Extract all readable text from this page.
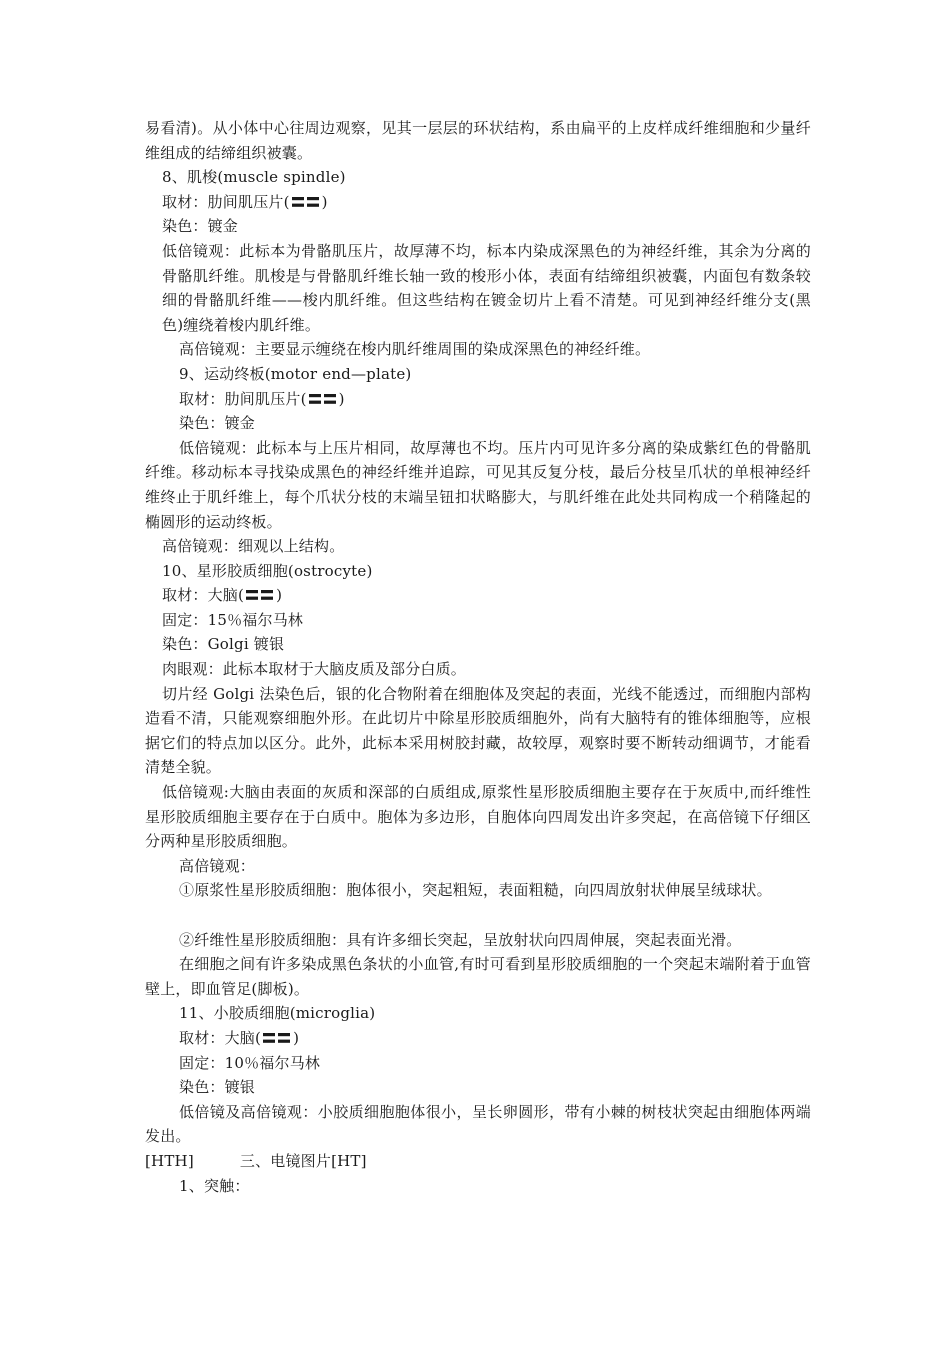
易看清)。从小体中心往周边观察，见其一层层的环状结构，系由扁平的上皮样成纤维细胞和少量纤维组成的结缔组织被囊。

8、肌梭(muscle spindle)

取材：肋间肌压片( )

染色：镀金

低倍镜观：此标本为骨骼肌压片，故厚薄不均，标本内染成深黑色的为神经纤维，其余为分离的骨骼肌纤维。肌梭是与骨骼肌纤维长轴一致的梭形小体，表面有结缔组织被囊，内面包有数条较细的骨骼肌纤维——梭内肌纤维。但这些结构在镀金切片上看不清楚。可见到神经纤维分支(黑色)缠绕着梭内肌纤维。

高倍镜观：主要显示缠绕在梭内肌纤维周围的染成深黑色的神经纤维。

9、运动终板(motor end—plate)

取材：肋间肌压片( )

染色：镀金

低倍镜观：此标本与上压片相同，故厚薄也不均。压片内可见许多分离的染成紫红色的骨骼肌纤维。移动标本寻找染成黑色的神经纤维并追踪，可见其反复分枝，最后分枝呈爪状的单根神经纤维终止于肌纤维上，每个爪状分枝的末端呈钮扣状略膨大，与肌纤维在此处共同构成一个稍隆起的椭圆形的运动终板。

高倍镜观：细观以上结构。

10、星形胶质细胞(ostrocyte)

取材：大脑( )

固定：15％福尔马林

染色：Golgi 镀银

肉眼观：此标本取材于大脑皮质及部分白质。

切片经 Golgi 法染色后，银的化合物附着在细胞体及突起的表面，光线不能透过，而细胞内部构造看不清，只能观察细胞外形。在此切片中除星形胶质细胞外，尚有大脑特有的锥体细胞等，应根据它们的特点加以区分。此外，此标本采用树胶封藏，故较厚，观察时要不断转动细调节，才能看清楚全貌。

低倍镜观:大脑由表面的灰质和深部的白质组成,原浆性星形胶质细胞主要存在于灰质中,而纤维性星形胶质细胞主要存在于白质中。胞体为多边形，自胞体向四周发出许多突起，在高倍镜下仔细区分两种星形胶质细胞。

高倍镜观：

①原浆性星形胶质细胞：胞体很小，突起粗短，表面粗糙，向四周放射状伸展呈绒球状。

②纤维性星形胶质细胞：具有许多细长突起，呈放射状向四周伸展，突起表面光滑。

在细胞之间有许多染成黑色条状的小血管,有时可看到星形胶质细胞的一个突起末端附着于血管壁上，即血管足(脚板)。

11、小胶质细胞(microglia)

取材：大脑( )

固定：10％福尔马林

染色：镀银

低倍镜及高倍镜观：小胶质细胞胞体很小，呈长卵圆形，带有小棘的树枝状突起由细胞体两端发出。

[HTH]	三、电镜图片[HT]

1、突触：
